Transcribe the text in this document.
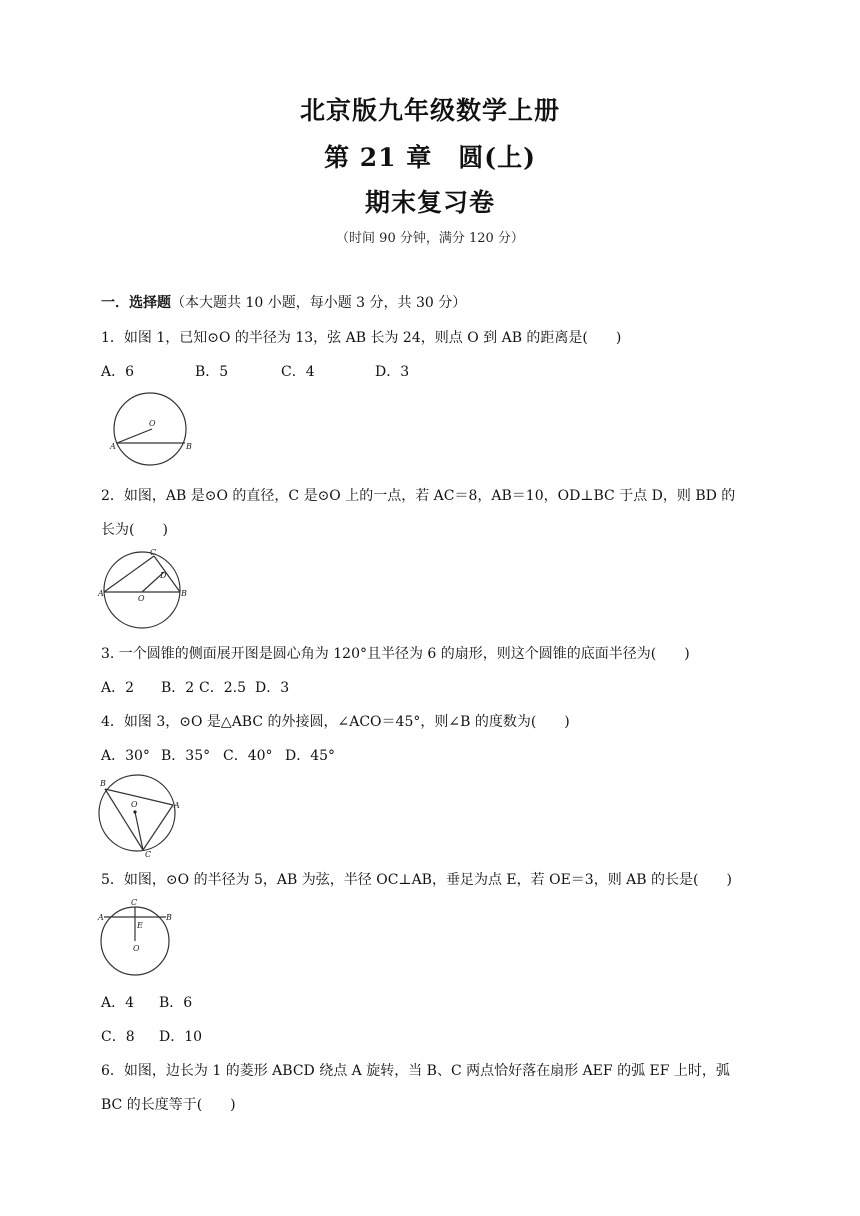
北京版九年级数学上册
第 21 章　圆(上)
期末复习卷
（时间 90 分钟，满分 120 分）
一．选择题（本大题共 10 小题，每小题 3 分，共 30 分）
1．如图 1，已知⊙O 的半径为 13，弦 AB 长为 24，则点 O 到 AB 的距离是(　　)
A．6	B．5	C．4	D．3
O
A	B
2．如图，AB 是⊙O 的直径，C 是⊙O 上的一点，若 AC＝8，AB＝10，OD⊥BC 于点 D，则 BD 的
长为(　　)
C
D
A
O
B
3. 一个圆锥的侧面展开图是圆心角为 120°且半径为 6 的扇形，则这个圆锥的底面半径为(　　)
A．2 B．2 C．2.5 D．3
4．如图 3，⊙O 是△ABC 的外接圆，∠ACO＝45°，则∠B 的度数为(　　)
A．30° B．35° C．40° D．45°
B
O	A
C
5．如图，⊙O 的半径为 5，AB 为弦，半径 OC⊥AB，垂足为点 E，若 OE＝3，则 AB 的长是(　　)
C
A	B
E
O
A．4 B．6
C．8 D．10
6．如图，边长为 1 的菱形 ABCD 绕点 A 旋转，当 B、C 两点恰好落在扇形 AEF 的弧 EF 上时，弧
BC 的长度等于(　　)
